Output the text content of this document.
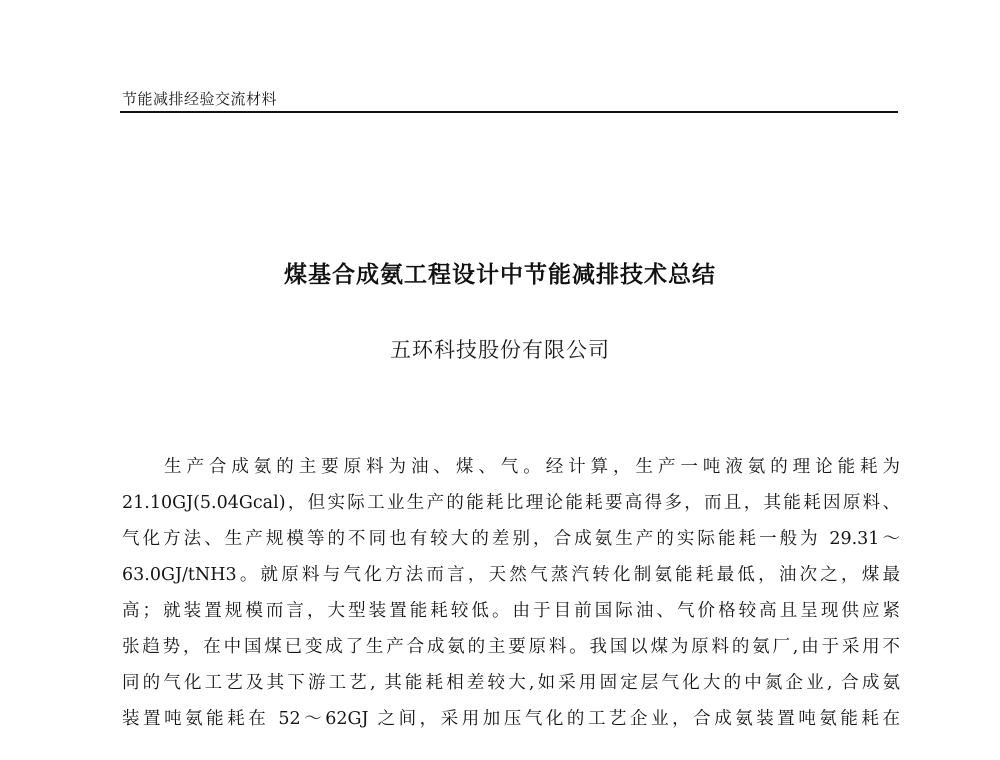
节能减排经验交流材料
煤基合成氨工程设计中节能减排技术总结
五环科技股份有限公司
生产合成氨的主要原料为油、煤、气。经计算，生产一吨液氨的理论能耗为
21.10GJ(5.04Gcal)，但实际工业生产的能耗比理论能耗要高得多，而且，其能耗因原料、
气化方法、生产规模等的不同也有较大的差别，合成氨生产的实际能耗一般为 29.31～
63.0GJ/tNH3。就原料与气化方法而言，天然气蒸汽转化制氨能耗最低，油次之，煤最
高；就装置规模而言，大型装置能耗较低。由于目前国际油、气价格较高且呈现供应紧
张趋势，在中国煤已变成了生产合成氨的主要原料。我国以煤为原料的氨厂,由于采用不
同的气化工艺及其下游工艺, 其能耗相差较大,如采用固定层气化大的中氮企业, 合成氨
装置吨氨能耗在 52～62GJ 之间，采用加压气化的工艺企业，合成氨装置吨氨能耗在
